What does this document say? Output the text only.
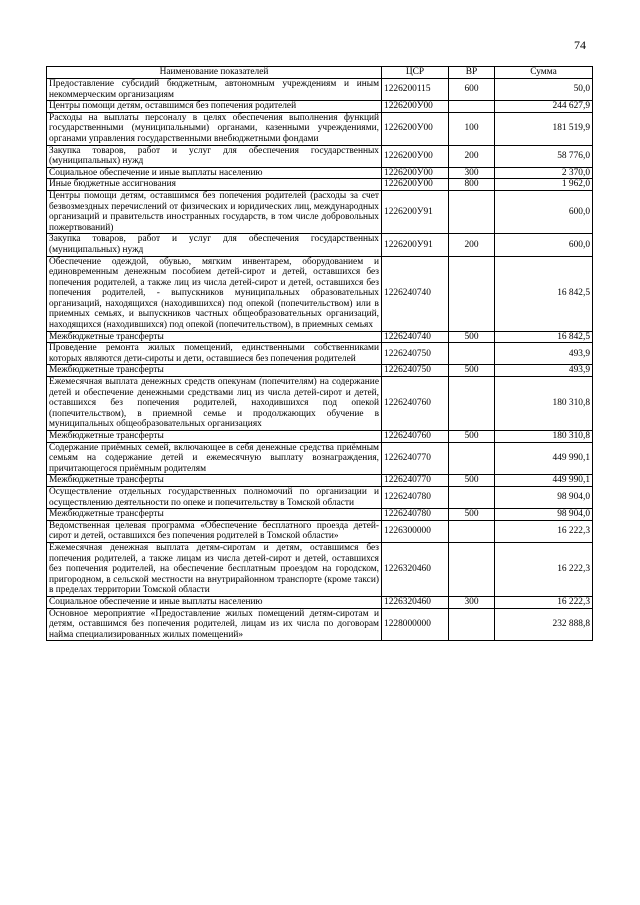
74
Наименование показателей	ЦСР	ВР	Сумма
Предоставление субсидий бюджетным, автономным учреждениям и иным некоммерческим организациям	1226200115	600	50,0
Центры помощи детям, оставшимся без попечения родителей	1226200У00		244 627,9
Расходы на выплаты персоналу в целях обеспечения выполнения функций государственными (муниципальными) органами, казенными учреждениями, органами управления государственными внебюджетными фондами	1226200У00	100	181 519,9
Закупка товаров, работ и услуг для обеспечения государственных (муниципальных) нужд	1226200У00	200	58 776,0
Социальное обеспечение и иные выплаты населению	1226200У00	300	2 370,0
Иные бюджетные ассигнования	1226200У00	800	1 962,0
Центры помощи детям, оставшимся без попечения родителей (расходы за счет безвозмездных перечислений от физических и юридических лиц, международных организаций и правительств иностранных государств, в том числе добровольных пожертвований)	1226200У91		600,0
Закупка товаров, работ и услуг для обеспечения государственных (муниципальных) нужд	1226200У91	200	600,0
Обеспечение одеждой, обувью, мягким инвентарем, оборудованием и единовременным денежным пособием детей-сирот и детей, оставшихся без попечения родителей, а также лиц из числа детей-сирот и детей, оставшихся без попечения родителей, - выпускников муниципальных образовательных организаций, находящихся (находившихся) под опекой (попечительством) или в приемных семьях, и выпускников частных общеобразовательных организаций, находящихся (находившихся) под опекой (попечительством), в приемных семьях	1226240740		16 842,5
Межбюджетные трансферты	1226240740	500	16 842,5
Проведение ремонта жилых помещений, единственными собственниками которых являются дети-сироты и дети, оставшиеся без попечения родителей	1226240750		493,9
Межбюджетные трансферты	1226240750	500	493,9
Ежемесячная выплата денежных средств опекунам (попечителям) на содержание детей и обеспечение денежными средствами лиц из числа детей-сирот и детей, оставшихся без попечения родителей, находившихся под опекой (попечительством), в приемной семье и продолжающих обучение в муниципальных общеобразовательных организациях	1226240760		180 310,8
Межбюджетные трансферты	1226240760	500	180 310,8
Содержание приёмных семей, включающее в себя денежные средства приёмным семьям на содержание детей и ежемесячную выплату вознаграждения, причитающегося приёмным родителям	1226240770		449 990,1
Межбюджетные трансферты	1226240770	500	449 990,1
Осуществление отдельных государственных полномочий по организации и осуществлению деятельности по опеке и попечительству в Томской области	1226240780		98 904,0
Межбюджетные трансферты	1226240780	500	98 904,0
Ведомственная целевая программа «Обеспечение бесплатного проезда детей-сирот и детей, оставшихся без попечения родителей в Томской области»	1226300000		16 222,3
Ежемесячная денежная выплата детям-сиротам и детям, оставшимся без попечения родителей, а также лицам из числа детей-сирот и детей, оставшихся без попечения родителей, на обеспечение бесплатным проездом на городском, пригородном, в сельской местности на внутрирайонном транспорте (кроме такси) в пределах территории Томской области	1226320460		16 222,3
Социальное обеспечение и иные выплаты населению	1226320460	300	16 222,3
Основное мероприятие «Предоставление жилых помещений детям-сиротам и детям, оставшимся без попечения родителей, лицам из их числа по договорам найма специализированных жилых помещений»	1228000000		232 888,8
